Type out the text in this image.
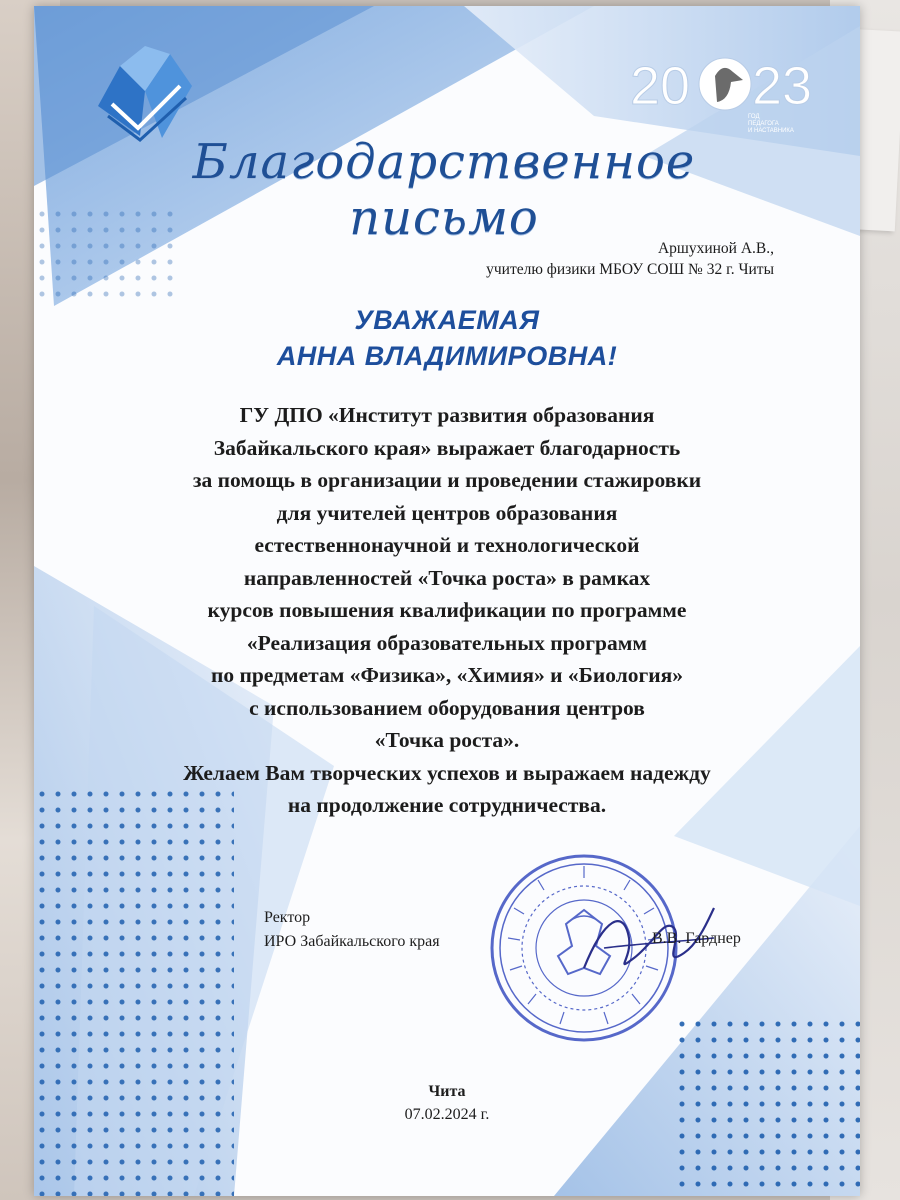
20 23
ГОД
ПЕДАГОГА
И НАСТАВНИКА
Благодарственное письмо
Аршухиной А.В.,
учителю физики МБОУ СОШ № 32 г. Читы
УВАЖАЕМАЯ
АННА ВЛАДИМИРОВНА!
ГУ ДПО «Институт развития образования
Забайкальского края» выражает благодарность
за помощь в организации и проведении стажировки
для учителей центров образования
естественнонаучной и технологической
направленностей «Точка роста» в рамках
курсов повышения квалификации по программе
«Реализация образовательных программ
по предметам «Физика», «Химия» и «Биология»
с использованием оборудования центров
«Точка роста».
Желаем Вам творческих успехов и выражаем надежду
на продолжение сотрудничества.
Ректор
ИРО Забайкальского края	В.В. Гарднер
Чита
07.02.2024 г.
